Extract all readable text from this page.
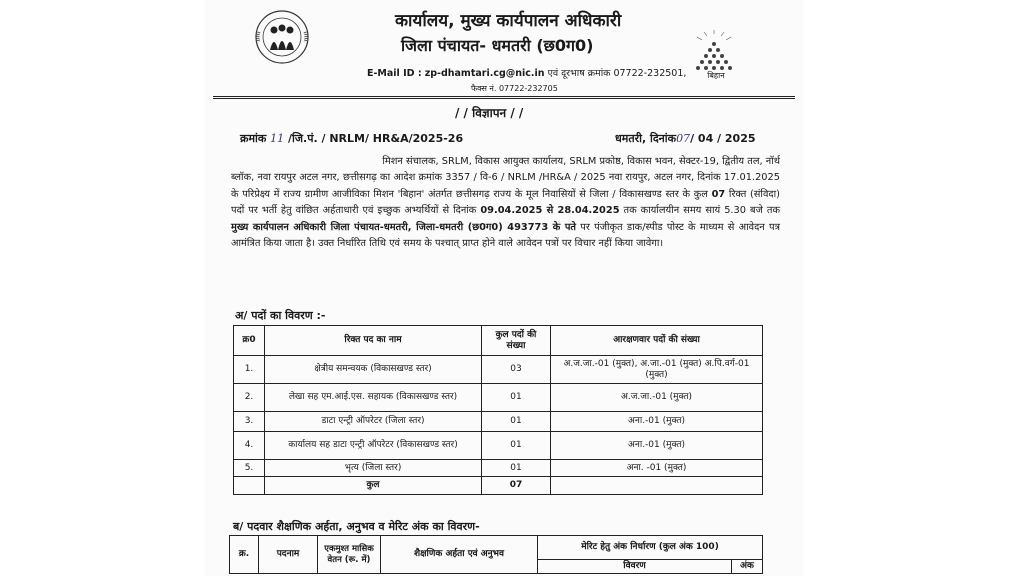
कार्यालय, मुख्य कार्यपालन अधिकारी
जिला पंचायत- धमतरी (छ0ग0)
E-Mail ID : zp-dhamtari.cg@nic.in एवं दूरभाष क्रमांक 07722-232501,
फैक्स नं. 07722-232705
बिहान
/ / विज्ञापन / /
क्रमांक 11 /जि.पं. / NRLM/ HR&A/2025-26	धमतरी, दिनांक07/ 04 / 2025
मिशन संचालक, SRLM, विकास आयुक्त कार्यालय, SRLM प्रकोष्ठ, विकास भवन, सेक्टर-19, द्वितीय तल, नॉर्थ ब्लॉक, नवा रायपुर अटल नगर, छत्तीसगढ़ का आदेश क्रमांक 3357 / वि-6 / NRLM /HR&A / 2025 नवा रायपुर, अटल नगर, दिनांक 17.01.2025 के परिप्रेक्ष्य में राज्य ग्रामीण आजीविका मिशन 'बिहान' अंतर्गत छत्तीसगढ़ राज्य के मूल निवासियों से जिला / विकासखण्ड स्तर के कुल 07 रिक्त (संविदा) पदों पर भर्ती हेतु वांछित अर्हताधारी एवं इच्छुक अभ्यर्थियों से दिनांक 09.04.2025 से 28.04.2025 तक कार्यालयीन समय सायं 5.30 बजे तक मुख्य कार्यपालन अधिकारी जिला पंचायत-धमतरी, जिला-धमतरी (छ0ग0) 493773 के पते पर पंजीकृत डाक/स्पीड पोस्ट के माध्यम से आवेदन पत्र आमंत्रित किया जाता है। उक्त निर्धारित तिथि एवं समय के पश्चात् प्राप्त होने वाले आवेदन पत्रों पर विचार नहीं किया जावेगा।
अ/ पदों का विवरण :-
क्र0	रिक्त पद का नाम	कुल पदों की संख्या	आरक्षणवार पदों की संख्या
1.	क्षेत्रीय समन्वयक (विकासखण्ड स्तर)	03	अ.ज.जा.-01 (मुक्त), अ.जा.-01 (मुक्त) अ.पि.वर्ग-01 (मुक्त)
2.	लेखा सह एम.आई.एस. सहायक (विकासखण्ड स्तर)	01	अ.ज.जा.-01 (मुक्त)
3.	डाटा एन्ट्री ऑपरेटर (जिला स्तर)	01	अना.-01 (मुक्त)
4.	कार्यालय सह डाटा एन्ट्री ऑपरेटर (विकासखण्ड स्तर)	01	अना.-01 (मुक्त)
5.	भृत्य (जिला स्तर)	01	अना. -01 (मुक्त)
	कुल	07	
ब/ पदवार शैक्षणिक अर्हता, अनुभव व मेरिट अंक का विवरण-
क्र.	पदनाम	एकमुश्त मासिक वेतन (रू. में)	शैक्षणिक अर्हता एवं अनुभव	मेरिट हेतु अंक निर्धारण (कुल अंक 100)	
				विवरण	अंक
